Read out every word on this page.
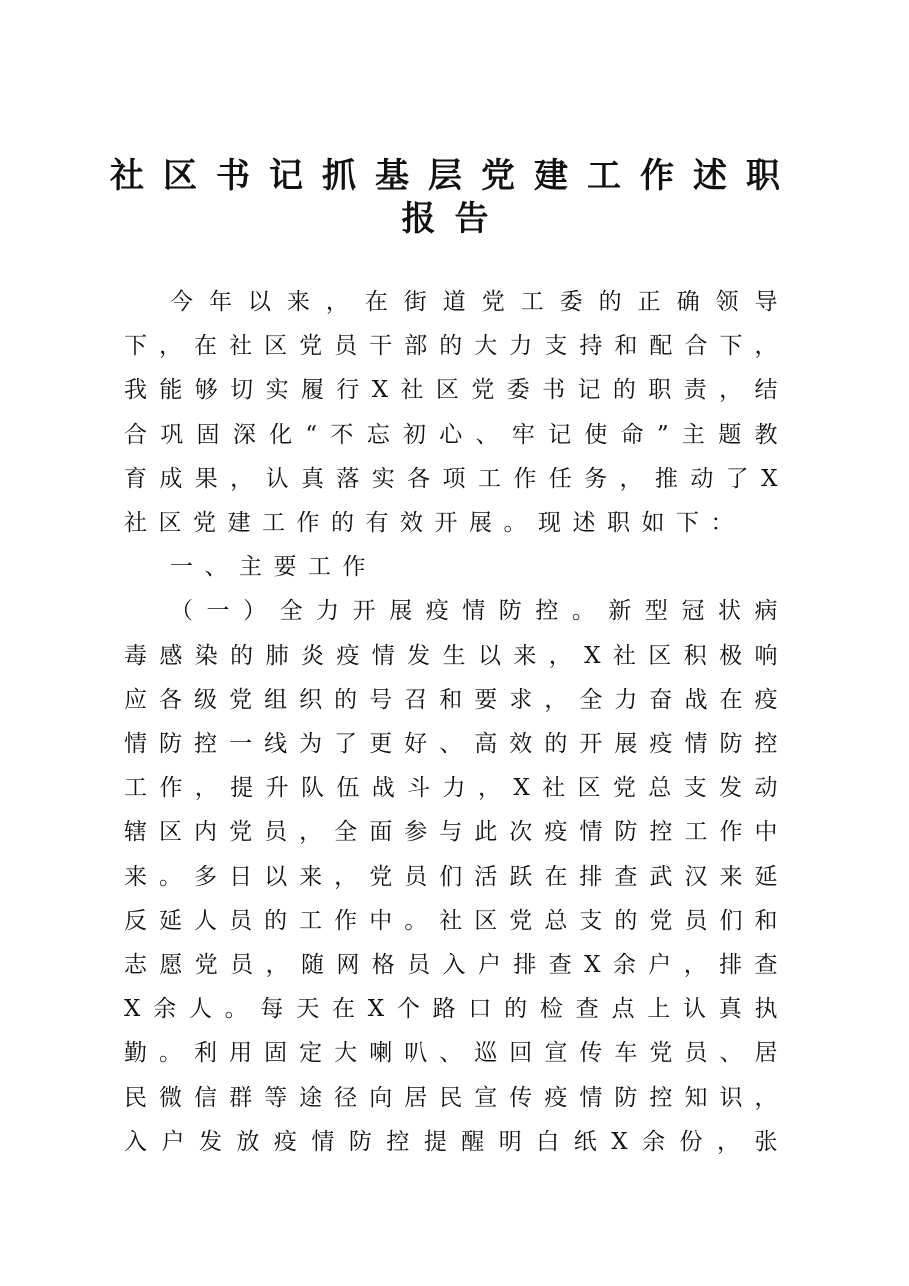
社区书记抓基层党建工作述职
报告

今年以来，在街道党工委的正确领导下，在社区党员干部的大力支持和配合下，我能够切实履行X社区党委书记的职责，结合巩固深化“不忘初心、牢记使命”主题教育成果，认真落实各项工作任务，推动了X社区党建工作的有效开展。现述职如下：

一、主要工作

（一）全力开展疫情防控。新型冠状病毒感染的肺炎疫情发生以来，X社区积极响应各级党组织的号召和要求，全力奋战在疫情防控一线为了更好、高效的开展疫情防控工作，提升队伍战斗力，X社区党总支发动辖区内党员，全面参与此次疫情防控工作中来。多日以来，党员们活跃在排查武汉来延反延人员的工作中。社区党总支的党员们和志愿党员，随网格员入户排查X余户，排查X余人。每天在X个路口的检查点上认真执勤。利用固定大喇叭、巡回宣传车党员、居民微信群等途径向居民宣传疫情防控知识，入户发放疫情防控提醒明白纸X余份，张
